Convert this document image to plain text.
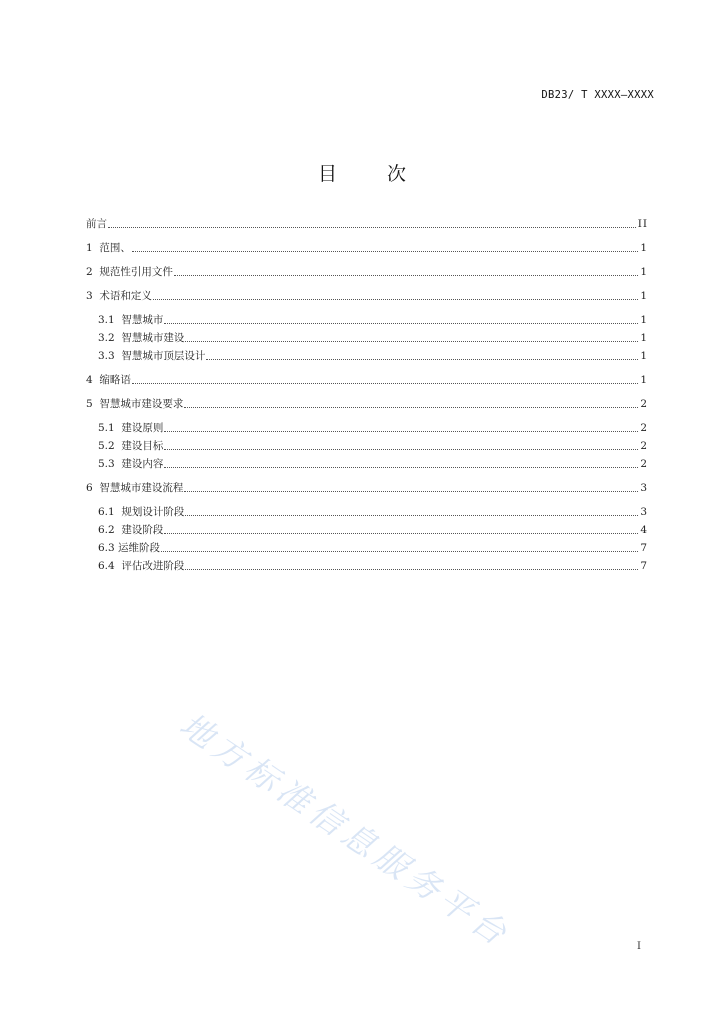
DB23/ T XXXX—XXXX
目	次
前言	II
1 范围、	1
2 规范性引用文件	1
3 术语和定义	1
3.1 智慧城市	1
3.2 智慧城市建设	1
3.3 智慧城市顶层设计	1
4 缩略语	1
5 智慧城市建设要求	2
5.1 建设原则	2
5.2 建设目标	2
5.3 建设内容	2
6 智慧城市建设流程	3
6.1 规划设计阶段	3
6.2 建设阶段	4
6.3 运维阶段	7
6.4 评估改进阶段	7
地方标准信息服务平台	I
